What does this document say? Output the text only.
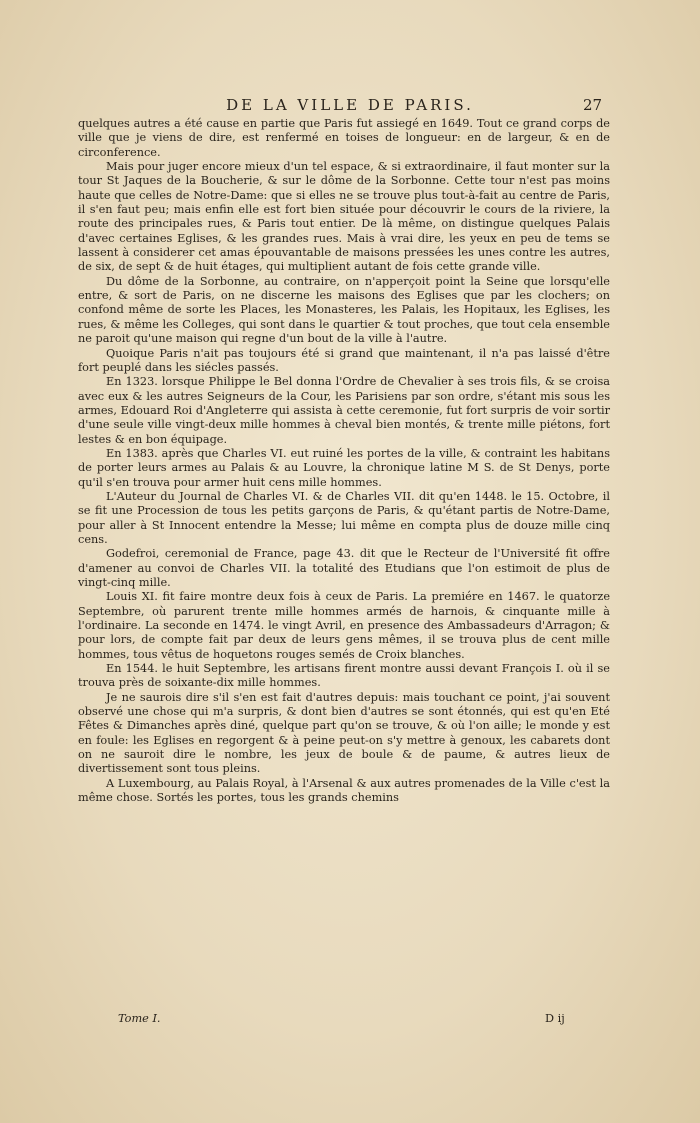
DE LA VILLE DE PARIS.	27

quelques autres a été cause en partie que Paris fut assiegé en 1649. Tout ce grand corps de ville que je viens de dire, est renfermé en toises de longueur: en de largeur, & en de circonference.

Mais pour juger encore mieux d'un tel espace, & si extraordinaire, il faut monter sur la tour St Jaques de la Boucherie, & sur le dôme de la Sorbonne. Cette tour n'est pas moins haute que celles de Notre-Dame: que si elles ne se trouve plus tout-à-fait au centre de Paris, il s'en faut peu; mais enfin elle est fort bien située pour découvrir le cours de la riviere, la route des principales rues, & Paris tout entier. De là même, on distingue quelques Palais d'avec certaines Eglises, & les grandes rues. Mais à vrai dire, les yeux en peu de tems se lassent à considerer cet amas épouvantable de maisons pressées les unes contre les autres, de six, de sept & de huit étages, qui multiplient autant de fois cette grande ville.

Du dôme de la Sorbonne, au contraire, on n'apperçoit point la Seine que lorsqu'elle entre, & sort de Paris, on ne discerne les maisons des Eglises que par les clochers; on confond même de sorte les Places, les Monasteres, les Palais, les Hopitaux, les Eglises, les rues, & même les Colleges, qui sont dans le quartier & tout proches, que tout cela ensemble ne paroit qu'une maison qui regne d'un bout de la ville à l'autre.

Quoique Paris n'ait pas toujours été si grand que maintenant, il n'a pas laissé d'être fort peuplé dans les siécles passés.

En 1323. lorsque Philippe le Bel donna l'Ordre de Chevalier à ses trois fils, & se croisa avec eux & les autres Seigneurs de la Cour, les Parisiens par son ordre, s'étant mis sous les armes, Edouard Roi d'Angleterre qui assista à cette ceremonie, fut fort surpris de voir sortir d'une seule ville vingt-deux mille hommes à cheval bien montés, & trente mille piétons, fort lestes & en bon équipage.

En 1383. après que Charles VI. eut ruiné les portes de la ville, & contraint les habitans de porter leurs armes au Palais & au Louvre, la chronique latine M S. de St Denys, porte qu'il s'en trouva pour armer huit cens mille hommes.

L'Auteur du Journal de Charles VI. & de Charles VII. dit qu'en 1448. le 15. Octobre, il se fit une Procession de tous les petits garçons de Paris, & qu'étant partis de Notre-Dame, pour aller à St Innocent entendre la Messe; lui même en compta plus de douze mille cinq cens.

Godefroi, ceremonial de France, page 43. dit que le Recteur de l'Université fit offre d'amener au convoi de Charles VII. la totalité des Etudians que l'on estimoit de plus de vingt-cinq mille.

Louis XI. fit faire montre deux fois à ceux de Paris. La premiére en 1467. le quatorze Septembre, où parurent trente mille hommes armés de harnois, & cinquante mille à l'ordinaire. La seconde en 1474. le vingt Avril, en presence des Ambassadeurs d'Arragon; & pour lors, de compte fait par deux de leurs gens mêmes, il se trouva plus de cent mille hommes, tous vêtus de hoquetons rouges semés de Croix blanches.

En 1544. le huit Septembre, les artisans firent montre aussi devant François I. où il se trouva près de soixante-dix mille hommes.

Je ne saurois dire s'il s'en est fait d'autres depuis: mais touchant ce point, j'ai souvent observé une chose qui m'a surpris, & dont bien d'autres se sont étonnés, qui est qu'en Eté Fêtes & Dimanches après diné, quelque part qu'on se trouve, & où l'on aille; le monde y est en foule: les Eglises en regorgent & à peine peut-on s'y mettre à genoux, les cabarets dont on ne sauroit dire le nombre, les jeux de boule & de paume, & autres lieux de divertissement sont tous pleins.

A Luxembourg, au Palais Royal, à l'Arsenal & aux autres promenades de la Ville c'est la même chose. Sortés les portes, tous les grands chemins

Tome I.	D ij
